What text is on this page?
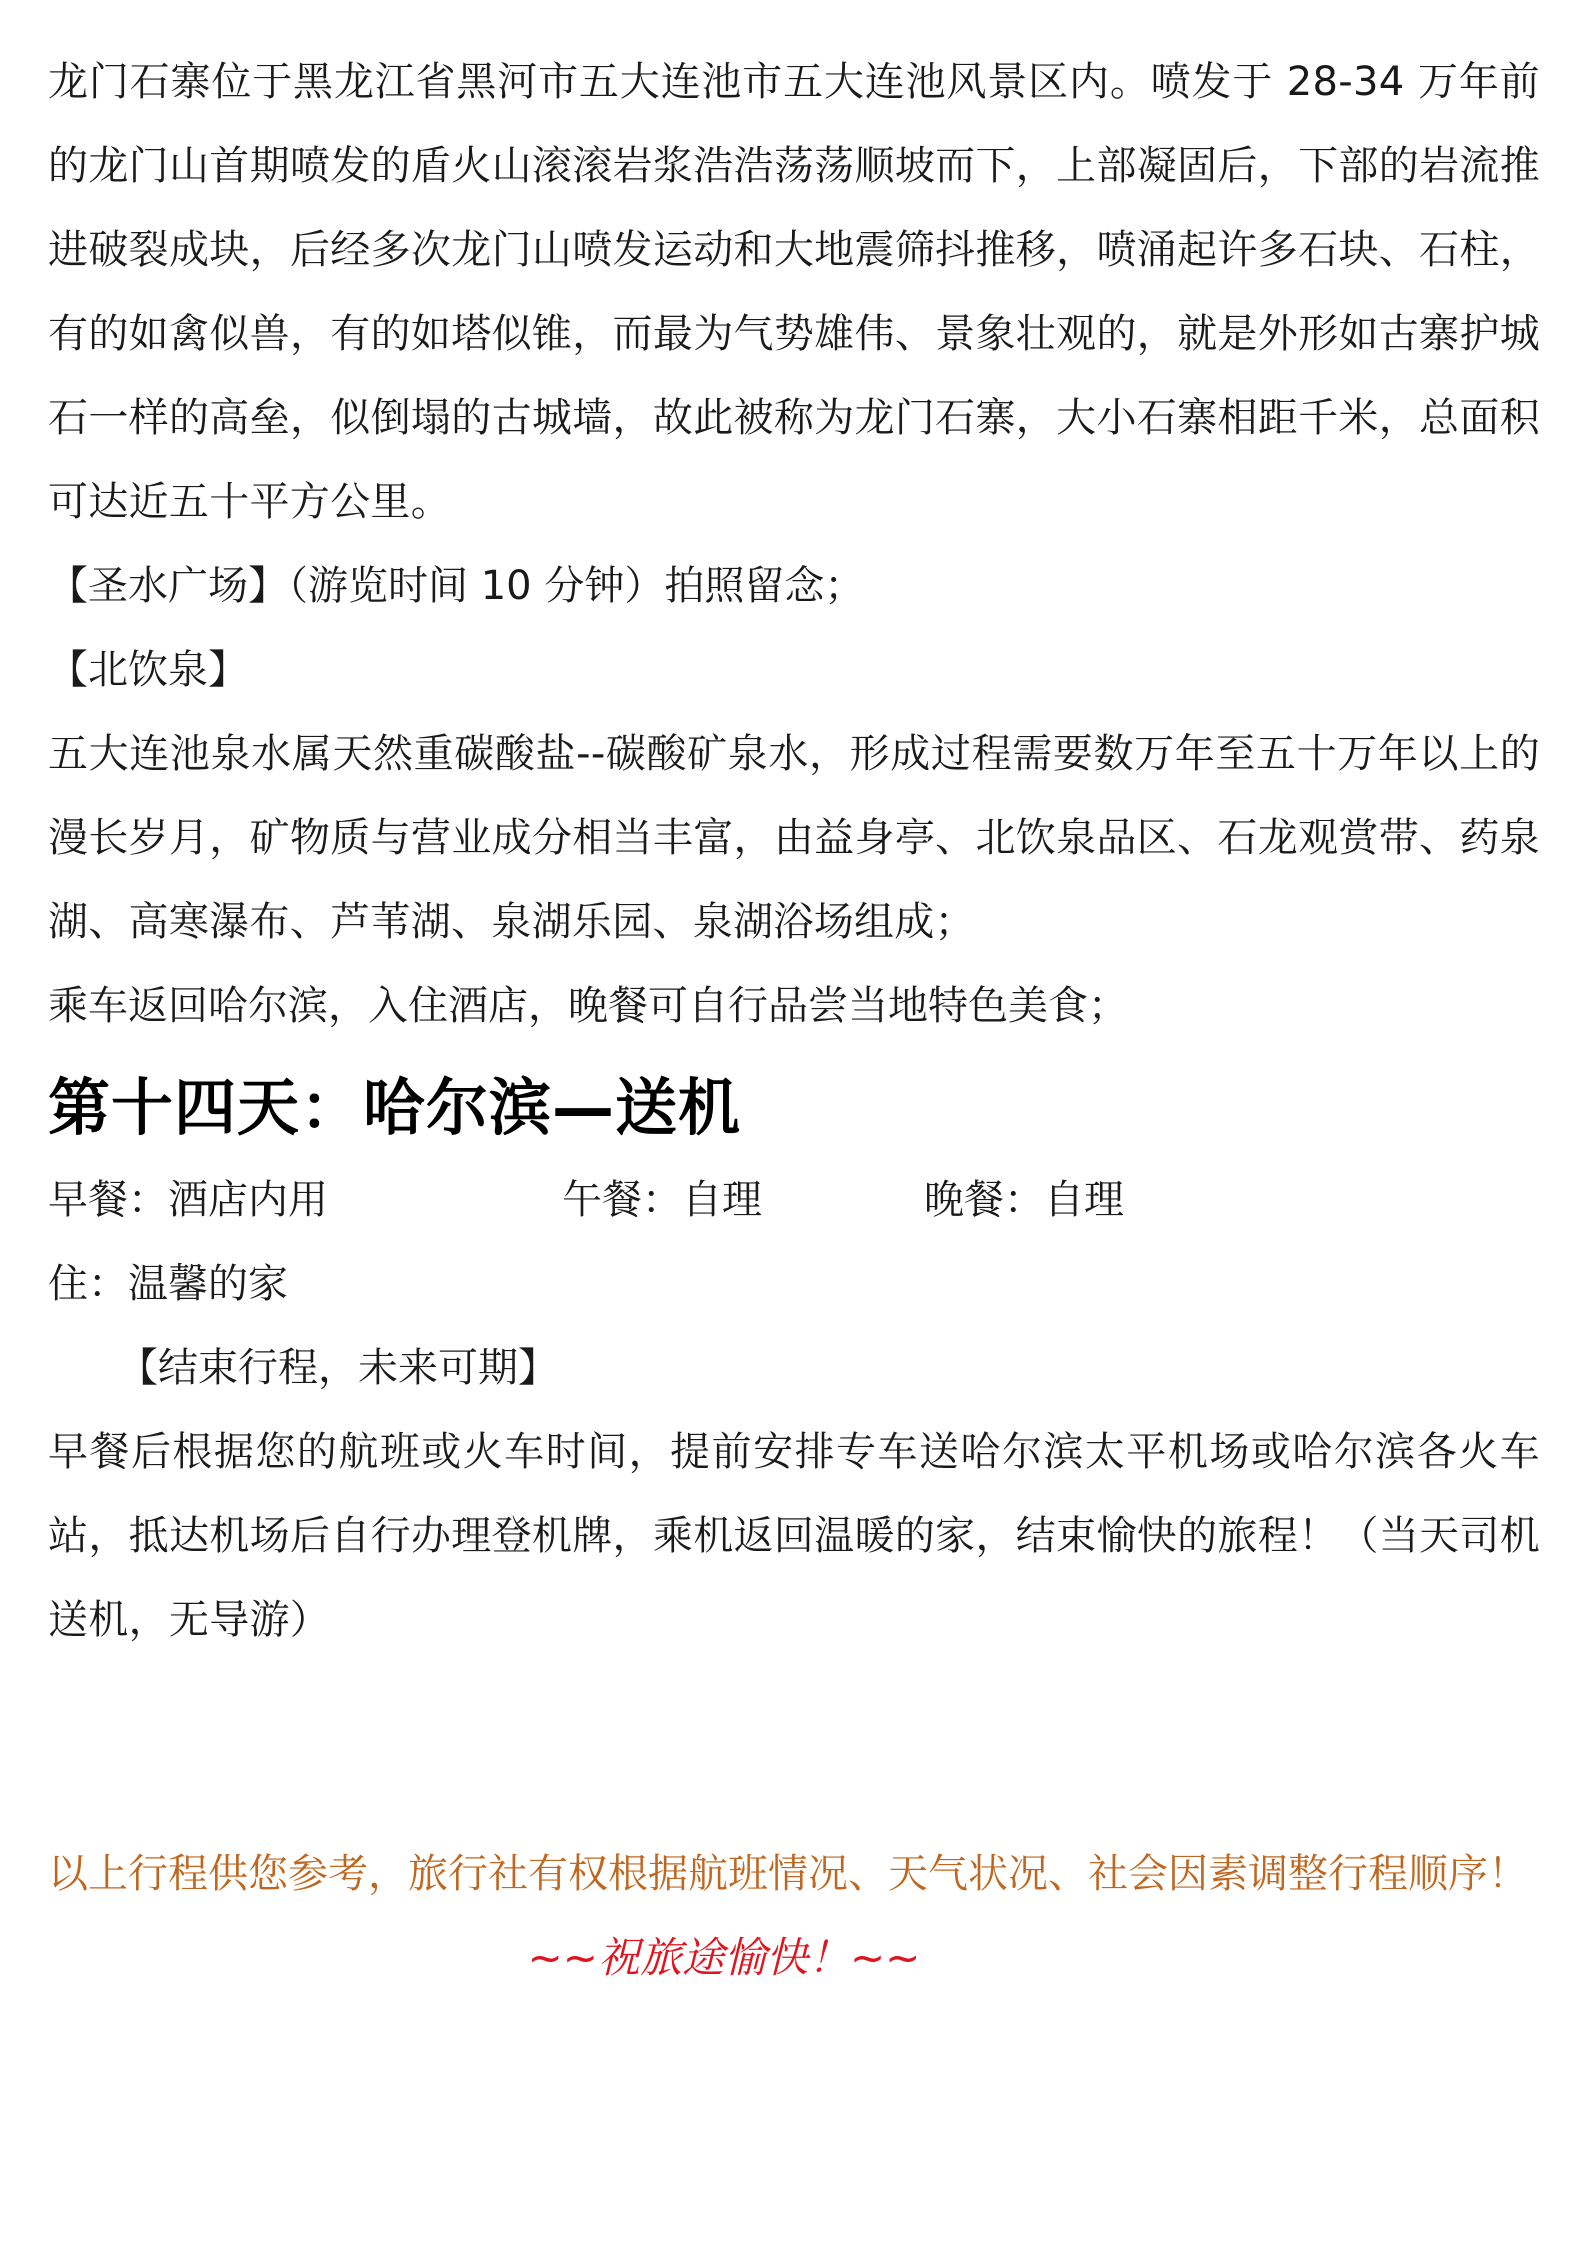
龙门石寨位于黑龙江省黑河市五大连池市五大连池风景区内。喷发于 28-34 万年前的龙门山首期喷发的盾火山滚滚岩浆浩浩荡荡顺坡而下，上部凝固后，下部的岩流推进破裂成块，后经多次龙门山喷发运动和大地震筛抖推移，喷涌起许多石块、石柱，有的如禽似兽，有的如塔似锥，而最为气势雄伟、景象壮观的，就是外形如古寨护城石一样的高垒，似倒塌的古城墙，故此被称为龙门石寨，大小石寨相距千米，总面积可达近五十平方公里。

【圣水广场】（游览时间 10 分钟）拍照留念；

【北饮泉】

五大连池泉水属天然重碳酸盐--碳酸矿泉水，形成过程需要数万年至五十万年以上的漫长岁月，矿物质与营业成分相当丰富，由益身亭、北饮泉品区、石龙观赏带、药泉湖、高寒瀑布、芦苇湖、泉湖乐园、泉湖浴场组成；

乘车返回哈尔滨，入住酒店，晚餐可自行品尝当地特色美食；

第十四天：哈尔滨—送机
早餐：酒店内用	午餐：自理	晚餐：自理

住：温馨的家

【结束行程，未来可期】

早餐后根据您的航班或火车时间，提前安排专车送哈尔滨太平机场或哈尔滨各火车站，抵达机场后自行办理登机牌，乘机返回温暖的家，结束愉快的旅程！（当天司机送机，无导游）

以上行程供您参考，旅行社有权根据航班情况、天气状况、社会因素调整行程顺序！

~~祝旅途愉快！~~
